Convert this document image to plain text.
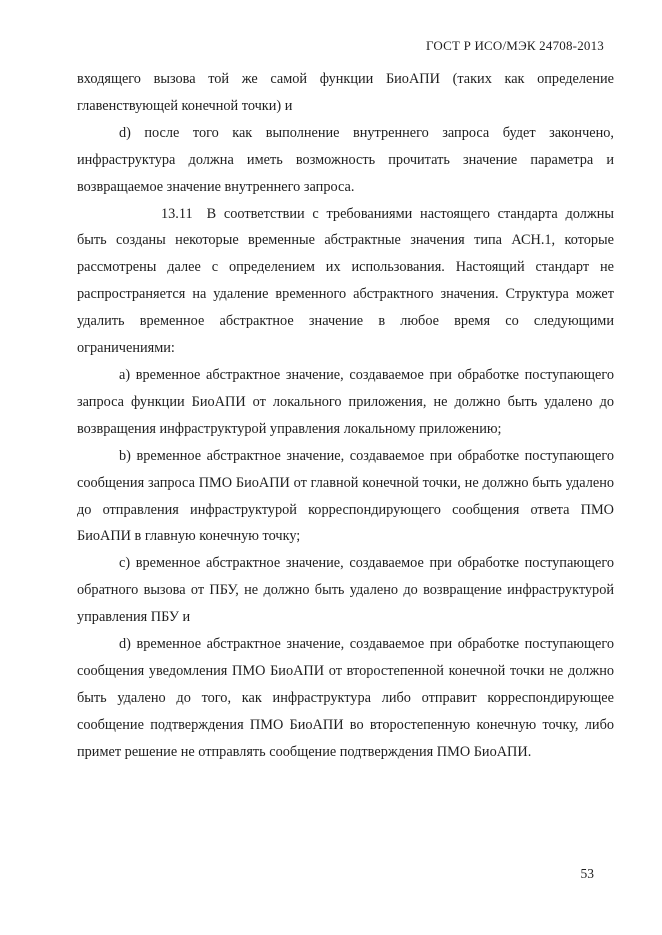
ГОСТ Р ИСО/МЭК 24708-2013

входящего вызова той же самой функции БиоАПИ (таких как определение главенствующей конечной точки) и

d) после того как выполнение внутреннего запроса будет закончено, инфраструктура должна иметь возможность прочитать значение параметра и возвращаемое значение внутреннего запроса.

13.11 В соответствии с требованиями настоящего стандарта должны быть созданы некоторые временные абстрактные значения типа АСН.1, которые рассмотрены далее с определением их использования. Настоящий стандарт не распространяется на удаление временного абстрактного значения. Структура может удалить временное абстрактное значение в любое время со следующими ограничениями:

a) временное абстрактное значение, создаваемое при обработке поступающего запроса функции БиоАПИ от локального приложения, не должно быть удалено до возвращения инфраструктурой управления локальному приложению;

b) временное абстрактное значение, создаваемое при обработке поступающего сообщения запроса ПМО БиоАПИ от главной конечной точки, не должно быть удалено до отправления инфраструктурой корреспондирующего сообщения ответа ПМО БиоАПИ в главную конечную точку;

c) временное абстрактное значение, создаваемое при обработке поступающего обратного вызова от ПБУ, не должно быть удалено до возвращение инфраструктурой управления ПБУ и

d) временное абстрактное значение, создаваемое при обработке поступающего сообщения уведомления ПМО БиоАПИ от второстепенной конечной точки не должно быть удалено до того, как инфраструктура либо отправит корреспондирующее сообщение подтверждения ПМО БиоАПИ во второстепенную конечную точку, либо примет решение не отправлять сообщение подтверждения ПМО БиоАПИ.

53
